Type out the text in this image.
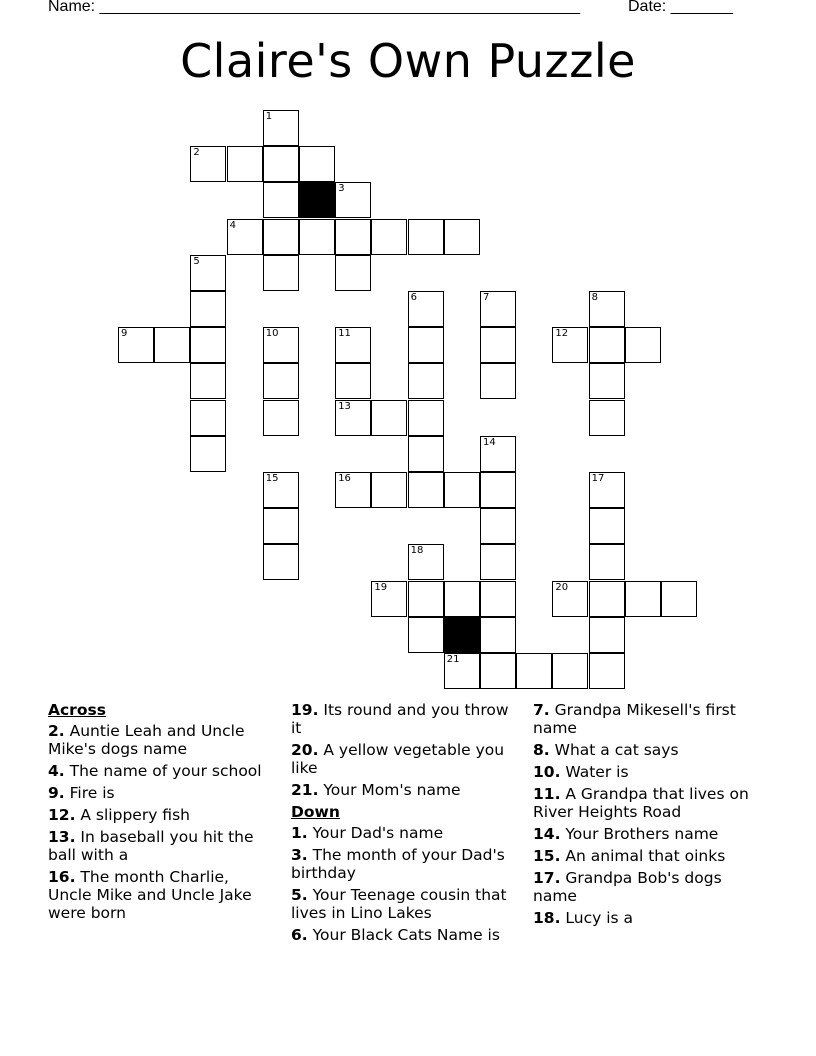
Name: ______________________________________________________	Date: _______
Claire's Own Puzzle
1
2
3
4
5
6	7	8
9	10	11	12
13
14
15	16	17
18
19	20
21
Across
2. Auntie Leah and Uncle Mike's dogs name
4. The name of your school
9. Fire is
12. A slippery fish
13. In baseball you hit the ball with a
16. The month Charlie, Uncle Mike and Uncle Jake were born
19. Its round and you throw it
20. A yellow vegetable you like
21. Your Mom's name
Down
1. Your Dad's name
3. The month of your Dad's birthday
5. Your Teenage cousin that lives in Lino Lakes
6. Your Black Cats Name is
7. Grandpa Mikesell's first name
8. What a cat says
10. Water is
11. A Grandpa that lives on River Heights Road
14. Your Brothers name
15. An animal that oinks
17. Grandpa Bob's dogs name
18. Lucy is a
